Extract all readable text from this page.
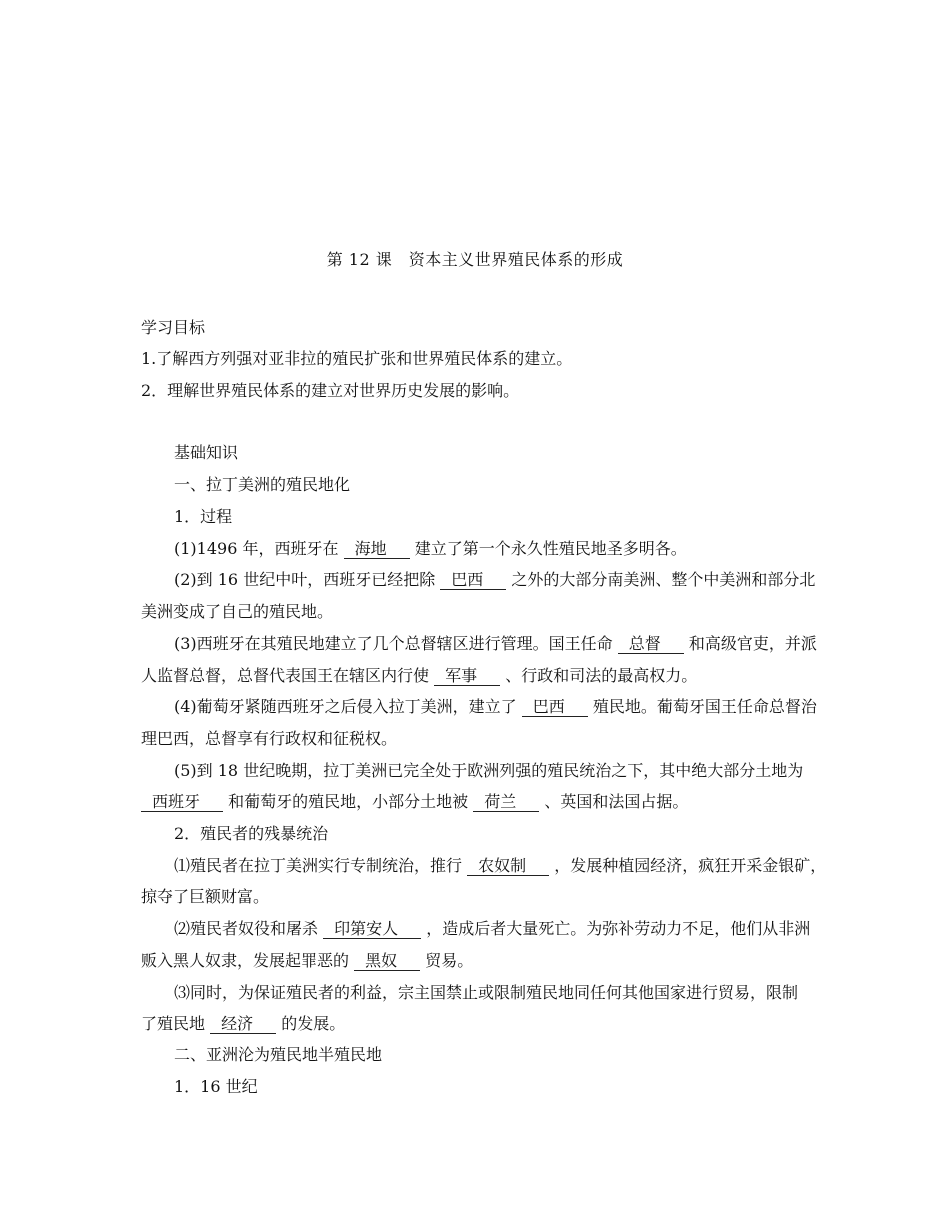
第 12 课　资本主义世界殖民体系的形成
学习目标
1.了解西方列强对亚非拉的殖民扩张和世界殖民体系的建立。
2．理解世界殖民体系的建立对世界历史发展的影响。
基础知识
一、拉丁美洲的殖民地化
1．过程
(1)1496 年，西班牙在 海地 建立了第一个永久性殖民地圣多明各。
(2)到 16 世纪中叶，西班牙已经把除 巴西 之外的大部分南美洲、整个中美洲和部分北
美洲变成了自己的殖民地。
(3)西班牙在其殖民地建立了几个总督辖区进行管理。国王任命 总督 和高级官吏，并派
人监督总督，总督代表国王在辖区内行使 军事 、行政和司法的最高权力。
(4)葡萄牙紧随西班牙之后侵入拉丁美洲，建立了 巴西 殖民地。葡萄牙国王任命总督治
理巴西，总督享有行政权和征税权。
(5)到 18 世纪晚期，拉丁美洲已完全处于欧洲列强的殖民统治之下，其中绝大部分土地为
西班牙 和葡萄牙的殖民地，小部分土地被 荷兰 、英国和法国占据。
2．殖民者的残暴统治
⑴殖民者在拉丁美洲实行专制统治，推行 农奴制 ，发展种植园经济，疯狂开采金银矿，
掠夺了巨额财富。
⑵殖民者奴役和屠杀 印第安人 ，造成后者大量死亡。为弥补劳动力不足，他们从非洲
贩入黑人奴隶，发展起罪恶的 黑奴 贸易。
⑶同时，为保证殖民者的利益，宗主国禁止或限制殖民地同任何其他国家进行贸易，限制
了殖民地 经济 的发展。
二、亚洲沦为殖民地半殖民地
1．16 世纪
